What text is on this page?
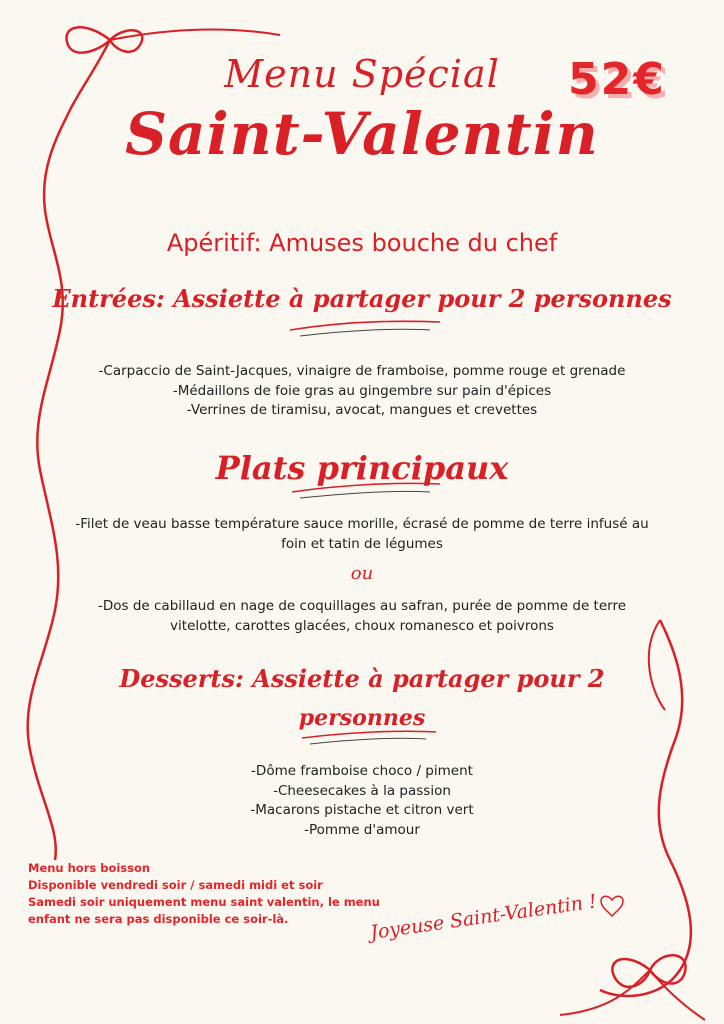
Menu Spécial
Saint-Valentin
52€
Apéritif: Amuses bouche du chef
Entrées: Assiette à partager pour 2 personnes
-Carpaccio de Saint-Jacques, vinaigre de framboise, pomme rouge et grenade
-Médaillons de foie gras au gingembre sur pain d'épices
-Verrines de tiramisu, avocat, mangues et crevettes
Plats principaux
-Filet de veau basse température sauce morille, écrasé de pomme de terre infusé au foin et tatin de légumes
ou
-Dos de cabillaud en nage de coquillages au safran, purée de pomme de terre vitelotte, carottes glacées, choux romanesco et poivrons
Desserts: Assiette à partager pour 2
personnes
-Dôme framboise choco / piment
-Cheesecakes à la passion
-Macarons pistache et citron vert
-Pomme d'amour
Menu hors boisson
Disponible vendredi soir / samedi midi et soir
Samedi soir uniquement menu saint valentin, le menu enfant ne sera pas disponible ce soir-là.	Joyeuse Saint-Valentin !
